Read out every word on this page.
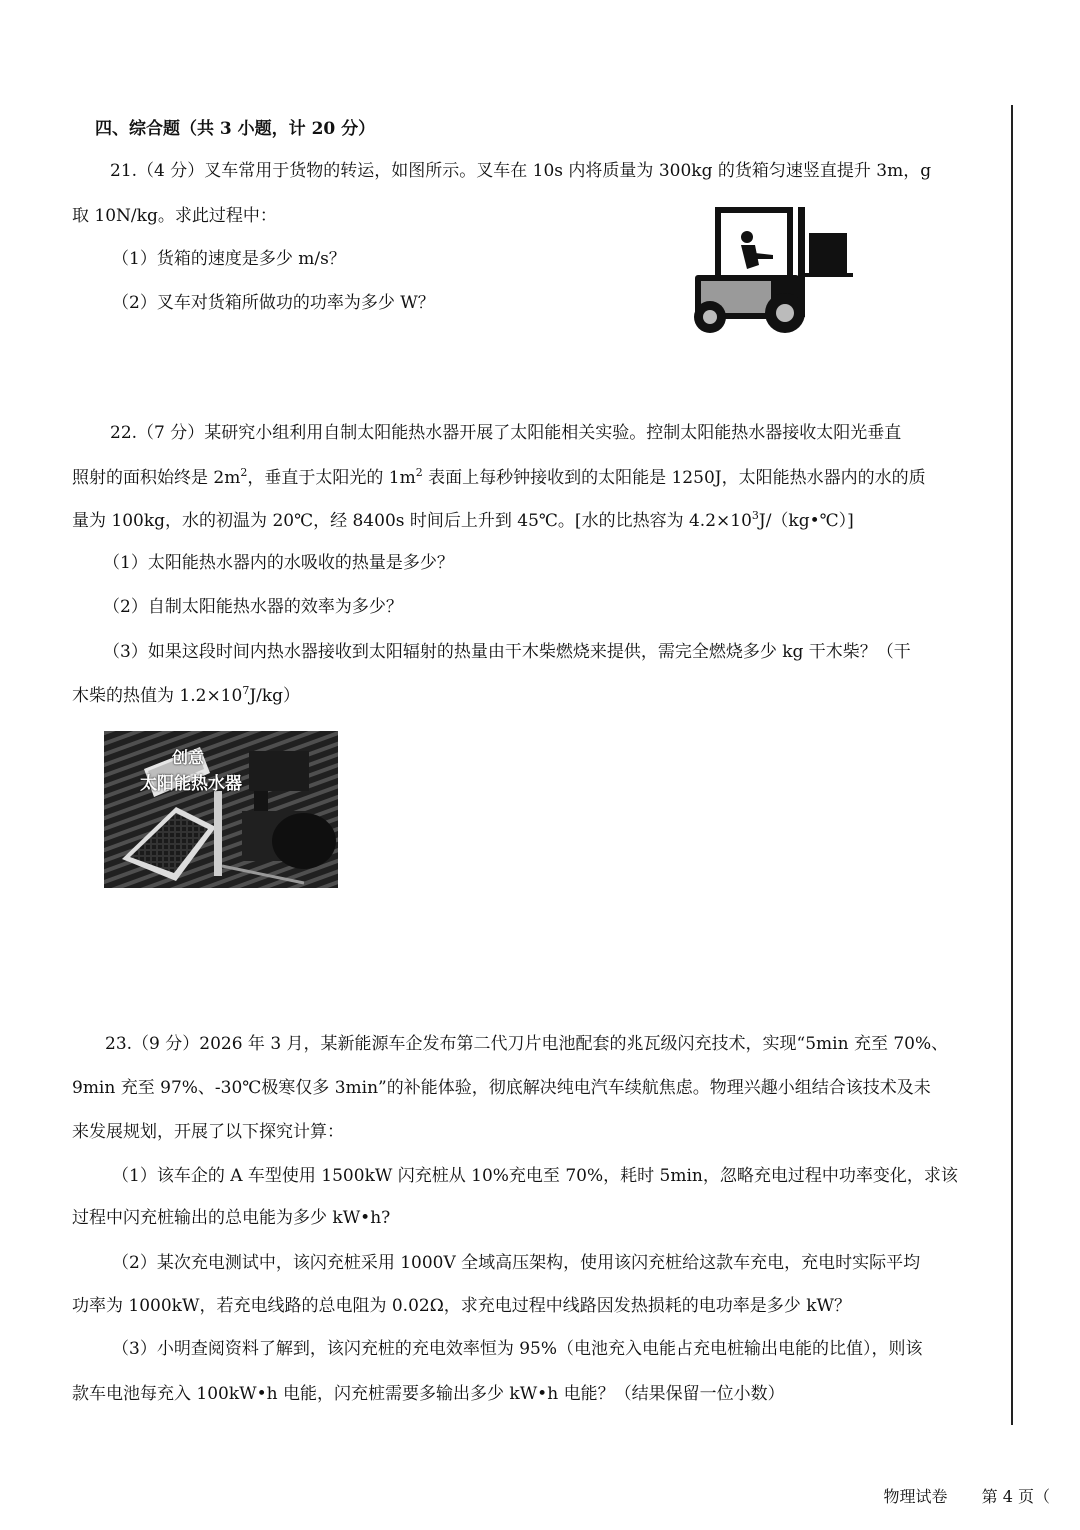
四、综合题（共 3 小题，计 20 分）
21.（4 分）叉车常用于货物的转运，如图所示。叉车在 10s 内将质量为 300kg 的货箱匀速竖直提升 3m，g
取 10N/kg。求此过程中：
（1）货箱的速度是多少 m/s？
（2）叉车对货箱所做功的功率为多少 W？
22.（7 分）某研究小组利用自制太阳能热水器开展了太阳能相关实验。控制太阳能热水器接收太阳光垂直
照射的面积始终是 $2m^2$，垂直于太阳光的 $1m^2$ 表面上每秒钟接收到的太阳能是 1250J，太阳能热水器内的水的质
量为 100kg，水的初温为 20℃，经 8400s 时间后上升到 45℃。[水的比热容为 $4.2\times 10^3J/(kg•℃)$]
（1）太阳能热水器内的水吸收的热量是多少？
（2）自制太阳能热水器的效率为多少？
（3）如果这段时间内热水器接收到太阳辐射的热量由干木柴燃烧来提供，需完全燃烧多少 kg 干木柴？（干
木柴的热值为 $1.2\times 10^7J/kg$）
创意
太阳能热水器
23.（9 分）2026 年 3 月，某新能源车企发布第二代刀片电池配套的兆瓦级闪充技术，实现“5min 充至 70%、
9min 充至 97%、-30℃极寒仅多 3min”的补能体验，彻底解决纯电汽车续航焦虑。物理兴趣小组结合该技术及未
来发展规划，开展了以下探究计算：
（1）该车企的 A 车型使用 1500kW 闪充桩从 10%充电至 70%，耗时 5min，忽略充电过程中功率变化，求该
过程中闪充桩输出的总电能为多少 kW•h?
（2）某次充电测试中，该闪充桩采用 1000V 全域高压架构，使用该闪充桩给这款车充电，充电时实际平均
功率为 1000kW，若充电线路的总电阻为 0.02Ω，求充电过程中线路因发热损耗的电功率是多少 kW？
（3）小明查阅资料了解到，该闪充桩的充电效率恒为 95%（电池充入电能占充电桩输出电能的比值），则该
款车电池每充入 100kW•h 电能，闪充桩需要多输出多少 kW•h 电能？（结果保留一位小数）
物理试卷 第 4 页（
